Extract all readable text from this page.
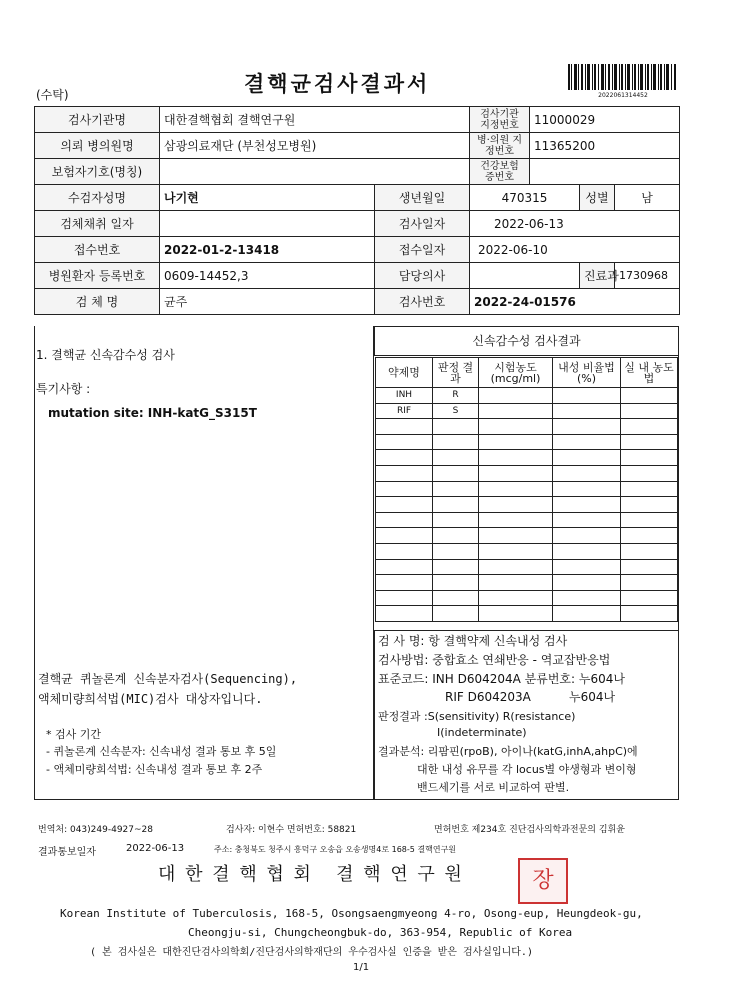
(수탁)	결핵균검사결과서	2022061314452
검사기관명	대한결핵협회 결핵연구원		검사기관 지정번호	11000029		
의뢰 병의원명	삼광의료재단 (부천성모병원)		병·의원 지정번호	11365200		
보험자기호(명칭)			건강보험 증번호			
수검자성명	나기현	생년월일	470315		성별	남
검체채취 일자		검사일자	2022-06-13			
접수번호	2022-01-2-13418	접수일자	2022-06-10			
병원환자 등록번호	0609-14452,3	담당의사			진료과	1730968
검 체 명	균주	검사번호	2022-24-01576			
1. 결핵균 신속감수성 검사
특기사항 :
mutation site: INH-katG_S315T
결핵균 퀴놀론계 신속분자검사(Sequencing),
액체미량희석법(MIC)검사 대상자입니다.
* 검사 기간
- 퀴놀론계 신속분자: 신속내성 결과 통보 후 5일
- 액체미량희석법: 신속내성 결과 통보 후 2주
신속감수성 검사결과
약제명	판정 결과	시험농도 (mcg/ml)	내성 비율법(%)	실 내 농도법
INH	R			
RIF	S			

검 사 명: 항 결핵약제 신속내성 검사
검사방법: 중합효소 연쇄반응 - 역교잡반응법
표준코드: INH D604204A 분류번호: 누604나
RIF D604203A          누604나
판정결과 :S(sensitivity) R(resistance)
I(indeterminate)
결과분석: 리팜핀(rpoB), 아이나(katG,inhA,ahpC)에
대한 내성 유무를 각 locus별 야생형과 변이형
밴드세기를 서로 비교하여 판별.
번역처: 043)249-4927~28	검사자: 이현수 면허번호: 58821	면허번호 제234호 진단검사의학과전문의 김휘윤
결과통보일자	2022-06-13	주소: 충청북도 청주시 흥덕구 오송읍 오송생명4로 168-5 결핵연구원
대 한 결 핵 협 회   결 핵 연 구 원	장
Korean Institute of Tuberculosis, 168-5, Osongsaengmyeong 4-ro, Osong-eup, Heungdeok-gu,
Cheongju-si, Chungcheongbuk-do, 363-954, Republic of Korea
( 본 검사실은 대한진단검사의학회/진단검사의학재단의 우수검사실 인증을 받은 검사실입니다.)
1/1
